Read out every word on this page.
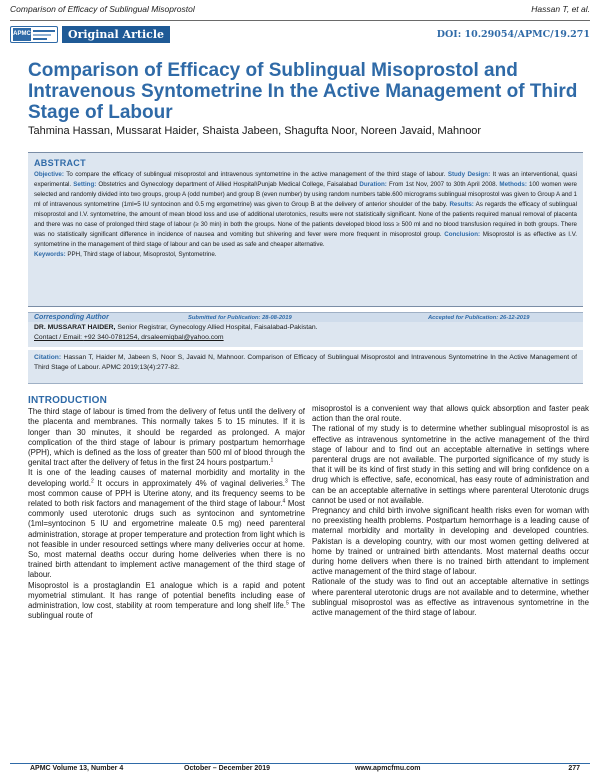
Comparison of Efficacy of Sublingual Misoprostol	Hassan T, et al.
APMC	Original Article	DOI: 10.29054/APMC/19.271
Comparison of Efficacy of Sublingual Misoprostol and Intravenous Syntometrine In the Active Management of Third Stage of Labour
Tahmina Hassan, Mussarat Haider, Shaista Jabeen, Shagufta Noor, Noreen Javaid, Mahnoor
ABSTRACT

Objective: To compare the efficacy of sublingual misoprostol and intravenous syntometrine in the active management of the third stage of labour. Study Design: It was an interventional, quasi experimental. Setting: Obstetrics and Gynecology department of Allied Hospital\Punjab Medical College, Faisalabad Duration: From 1st Nov, 2007 to 30th April 2008. Methods: 100 women were selected and randomly divided into two groups, group A (odd number) and group B (even number) by using random numbers table.600 micrograms sublingual misoprostol was given to Group A and 1 ml of intravenous syntometrine (1ml=5 IU syntocinon and 0.5 mg ergometrine) was given to Group B at the delivery of anterior shoulder of the baby. Results: As regards the efficacy of sublingual misoprostol and I.V. syntometrine, the amount of mean blood loss and use of additional uterotonics, results were not statistically significant. None of the patients required manual removal of placenta and there was no case of prolonged third stage of labour (≥ 30 min) in both the groups. None of the patients developed blood loss ≥ 500 ml and no blood transfusion required in both groups. There was no statistically significant difference in incidence of nausea and vomiting but shivering and fever were more frequent in misoprostol group. Conclusion: Misoprostol is as effective as I.V. syntometrine in the management of third stage of labour and can be used as safe and cheaper alternative.
Keywords: PPH, Third stage of labour, Misoprostol, Syntometrine.

Corresponding Author	Submitted for Publication: 28-08-2019	Accepted for Publication: 26-12-2019
DR. MUSSARAT HAIDER, Senior Registrar, Gynecology Allied Hospital, Faisalabad-Pakistan.
Contact / Email: +92 340-0781254, drsaleemiqbal@yahoo.com
Citation: Hassan T, Haider M, Jabeen S, Noor S, Javaid N, Mahnoor. Comparison of Efficacy of Sublingual Misoprostol and Intravenous Syntometrine In the Active Management of Third Stage of Labour. APMC 2019;13(4):277-82.
INTRODUCTION

The third stage of labour is timed from the delivery of fetus until the delivery of the placenta and membranes. This normally takes 5 to 15 minutes. If it is longer than 30 minutes, it should be regarded as prolonged. A major complication of the third stage of labour is primary postpartum hemorrhage (PPH), which is defined as the loss of greater than 500 ml of blood through the genital tract after the delivery of fetus in the first 24 hours postpartum.$^1$

It is one of the leading causes of maternal morbidity and mortality in the developing world.$^2$ It occurs in approximately 4% of vaginal deliveries.$^3$ The most common cause of PPH is Uterine atony, and its frequency seems to be related to both risk factors and management of the third stage of labour.$^4$ Most commonly used uterotonic drugs such as syntocinon and syntometrine (1ml=syntocinon 5 IU and ergometrine maleate 0.5 mg) need parenteral administration, storage at proper temperature and protection from light which is not feasible in under resourced settings where many deliveries occur at home. So, most maternal deaths occur during home deliveries when there is no trained birth attendant to implement active management of the third stage of labour.

Misoprostol is a prostaglandin E1 analogue which is a rapid and potent myometrial stimulant. It has range of potential benefits including ease of administration, low cost, stability at room temperature and long shelf life.$^5$ The sublingual route of

misoprostol is a convenient way that allows quick absorption and faster peak action than the oral route.

The rational of my study is to determine whether sublingual misoprostol is as effective as intravenous syntometrine in the active management of the third stage of labour and to find out an acceptable alternative in settings where parenteral drugs are not available. The purported significance of my study is that it will be its kind of first study in this setting and will bring confidence on a drug which is effective, safe, economical, has easy route of administration and can be an acceptable alternative in settings where parenteral Uterotonic drugs cannot be used or not available.

Pregnancy and child birth involve significant health risks even for woman with no preexisting health problems. Postpartum hemorrhage is a leading cause of maternal morbidity and mortality in developing and developed countries. Pakistan is a developing country, with our most women getting delivered at home by trained or untrained birth attendants. Most maternal deaths occur during home delivers when there is no trained birth attendant to implement active management of the third stage of labour.

Rationale of the study was to find out an acceptable alternative in settings where parenteral uterotonic drugs are not available and to determine, whether sublingual misoprostol was as effective as intravenous syntometrine in the active management of the third stage of labour.

APMC Volume 13, Number 4	October – December 2019	www.apmcfmu.com	277
